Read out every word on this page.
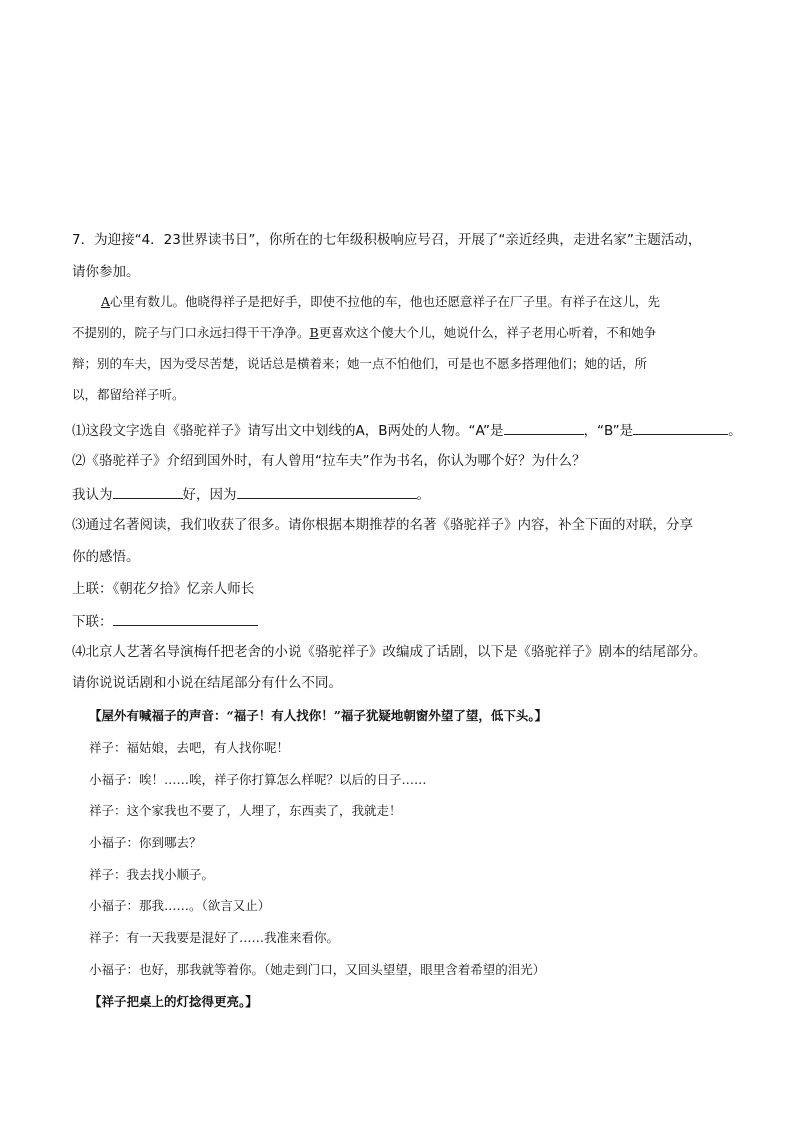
7．为迎接“4．23世界读书日”，你所在的七年级积极响应号召，开展了“亲近经典，走进名家”主题活动，
请你参加。
A心里有数儿。他晓得祥子是把好手，即使不拉他的车，他也还愿意祥子在厂子里。有祥子在这儿，先
不提别的，院子与门口永远扫得干干净净。B更喜欢这个傻大个儿，她说什么，祥子老用心听着，不和她争
辩；别的车夫，因为受尽苦楚，说话总是横着来；她一点不怕他们，可是也不愿多搭理他们；她的话，所
以，都留给祥子听。
⑴这段文字选自《骆驼祥子》请写出文中划线的A，B两处的人物。“A”是	，“B”是	。
⑵《骆驼祥子》介绍到国外时，有人曾用“拉车夫”作为书名，你认为哪个好？为什么？
我认为	好，因为	。
⑶通过名著阅读，我们收获了很多。请你根据本期推荐的名著《骆驼祥子》内容，补全下面的对联，分享
你的感悟。
上联：《朝花夕拾》忆亲人师长
下联：
⑷北京人艺著名导演梅仟把老舍的小说《骆驼祥子》改编成了话剧，以下是《骆驼祥子》剧本的结尾部分。
请你说说话剧和小说在结尾部分有什么不同。
【屋外有喊福子的声音：“福子！有人找你！”福子犹疑地朝窗外望了望，低下头。】
祥子：福姑娘，去吧，有人找你呢！
小福子：唉！……唉，祥子你打算怎么样呢？以后的日子……
祥子：这个家我也不要了，人埋了，东西卖了，我就走！
小福子：你到哪去？
祥子：我去找小顺子。
小福子：那我……。（欲言又止）
祥子：有一天我要是混好了……我准来看你。
小福子：也好，那我就等着你。（她走到门口，又回头望望，眼里含着希望的泪光）
【祥子把桌上的灯捻得更亮。】
